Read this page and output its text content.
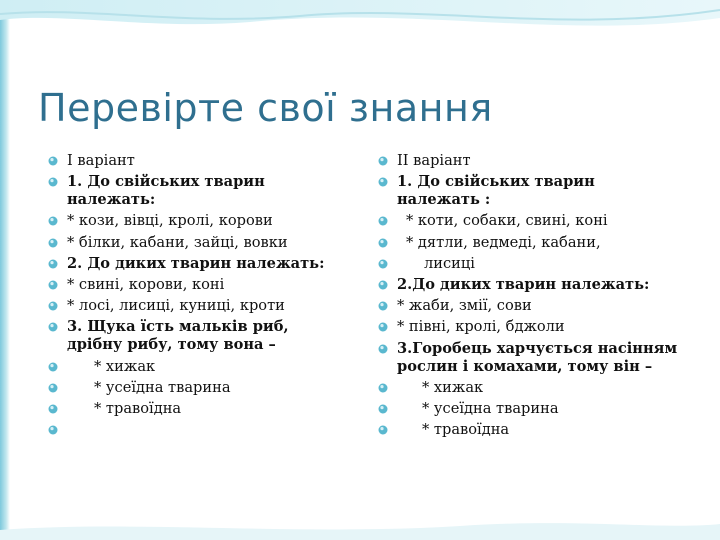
Перевірте свої знання
І варіант
1. До свійських тварин належать:
* кози, вівці, кролі, корови
* білки, кабани, зайці, вовки
2. До диких тварин належать:
* свині, корови, коні
* лосі, лисиці, куниці, кроти
3. Щука їсть мальків риб, дрібну рибу, тому вона –
* хижак
* усеїдна тварина
* травоїдна
ІІ варіант
1. До свійських тварин належать :
* коти, собаки, свині, коні
* дятли, ведмеді, кабани,
лисиці
2.До диких тварин належать:
* жаби, змії, сови
* півні, кролі, бджоли
3.Горобець харчується насінням рослин і комахами, тому він –
* хижак
* усеїдна тварина
* травоїдна
